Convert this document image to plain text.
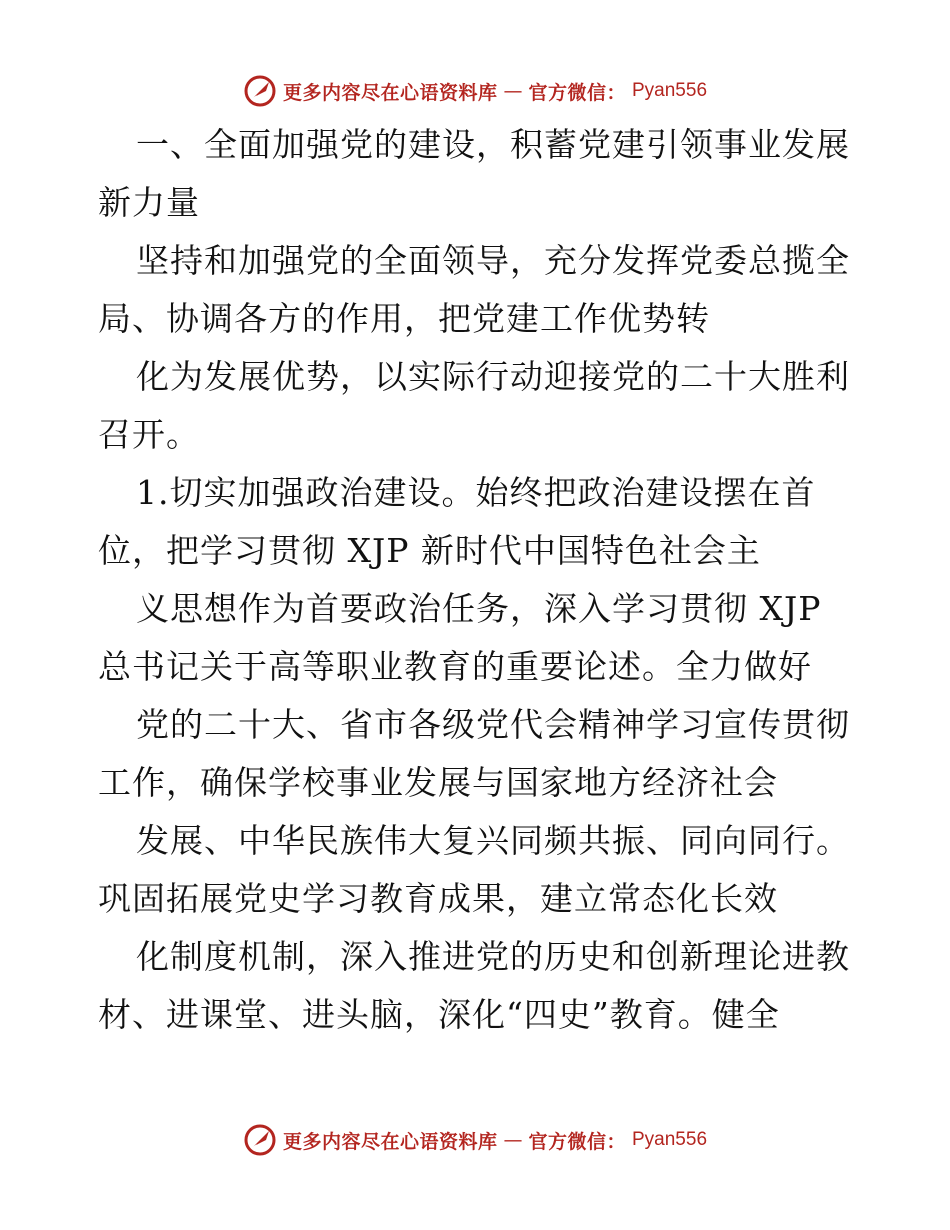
更多内容尽在心语资料库 — 官方微信： Pyan556
一、全面加强党的建设，积蓄党建引领事业发展
新力量
坚持和加强党的全面领导，充分发挥党委总揽全
局、协调各方的作用，把党建工作优势转
化为发展优势，以实际行动迎接党的二十大胜利
召开。
1.切实加强政治建设。始终把政治建设摆在首
位，把学习贯彻 XJP 新时代中国特色社会主
义思想作为首要政治任务，深入学习贯彻 XJP
总书记关于高等职业教育的重要论述。全力做好
党的二十大、省市各级党代会精神学习宣传贯彻
工作，确保学校事业发展与国家地方经济社会
发展、中华民族伟大复兴同频共振、同向同行。
巩固拓展党史学习教育成果，建立常态化长效
化制度机制，深入推进党的历史和创新理论进教
材、进课堂、进头脑，深化“四史”教育。健全
更多内容尽在心语资料库 — 官方微信： Pyan556
